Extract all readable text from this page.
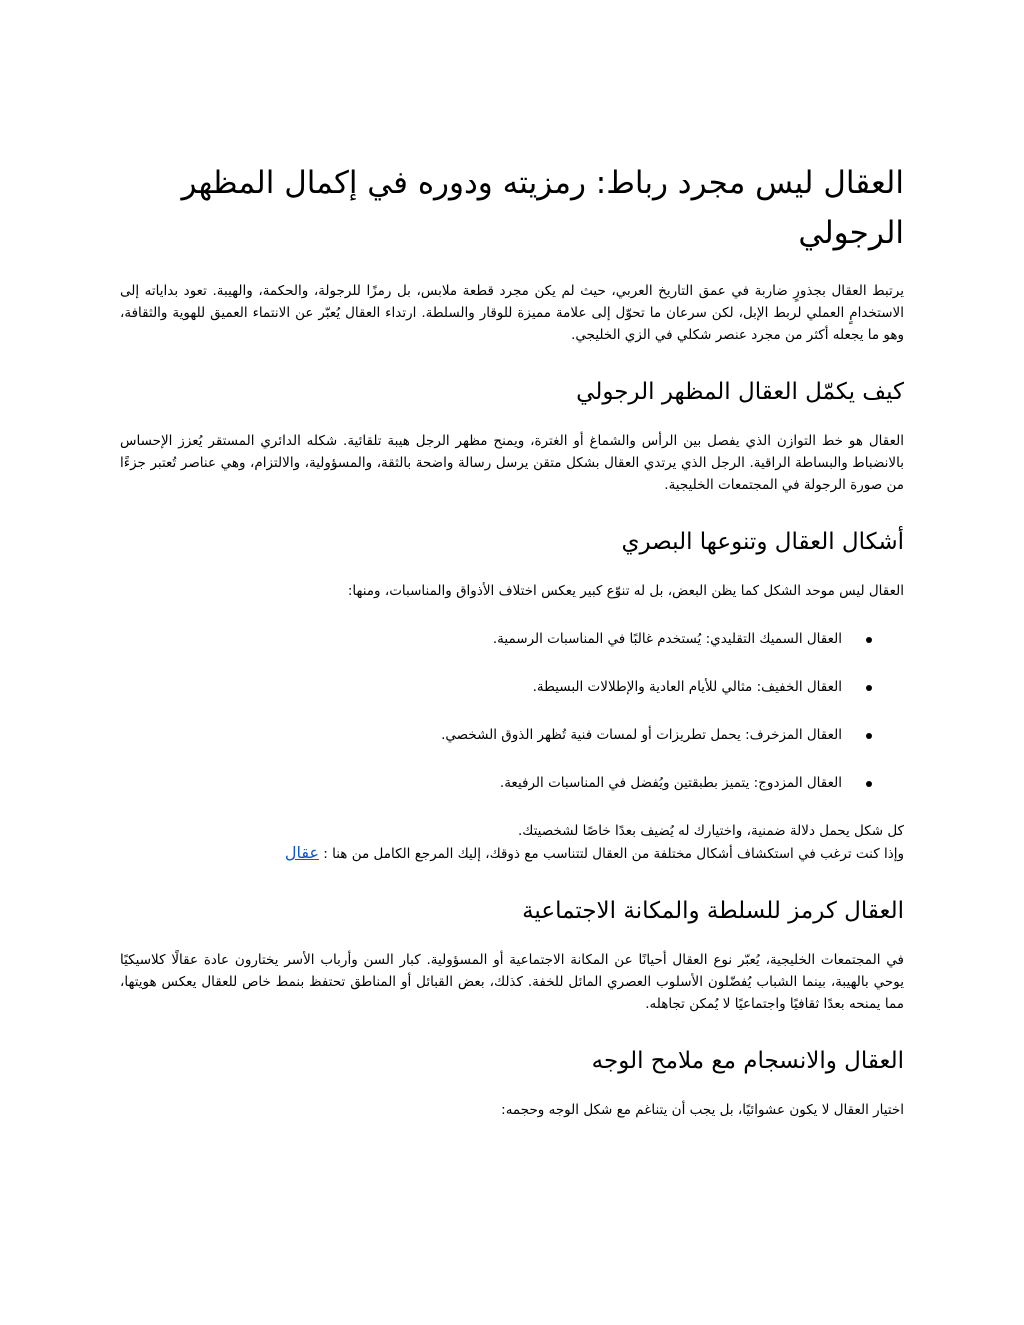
العقال ليس مجرد رباط: رمزيته ودوره في إكمال المظهر الرجولي

يرتبط العقال بجذورٍ ضاربة في عمق التاريخ العربي، حيث لم يكن مجرد قطعة ملابس، بل رمزًا للرجولة، والحكمة، والهيبة. تعود بداياته إلى الاستخدامٍ العملي لربط الإبل، لكن سرعان ما تحوّل إلى علامة مميزة للوقار والسلطة. ارتداء العقال يُعبّر عن الانتماء العميق للهوية والثقافة، وهو ما يجعله أكثر من مجرد عنصر شكلي في الزي الخليجي.

كيف يكمّل العقال المظهر الرجولي

العقال هو خط التوازن الذي يفصل بين الرأس والشماغ أو الغترة، ويمنح مظهر الرجل هيبة تلقائية. شكله الدائري المستقر يُعزز الإحساس بالانضباط والبساطة الراقية. الرجل الذي يرتدي العقال بشكل متقن يرسل رسالة واضحة بالثقة، والمسؤولية، والالتزام، وهي عناصر تُعتبر جزءًا من صورة الرجولة في المجتمعات الخليجية.

أشكال العقال وتنوعها البصري

العقال ليس موحد الشكل كما يظن البعض، بل له تنوّع كبير يعكس اختلاف الأذواق والمناسبات، ومنها:

العقال السميك التقليدي: يُستخدم غالبًا في المناسبات الرسمية.
العقال الخفيف: مثالي للأيام العادية والإطلالات البسيطة.
العقال المزخرف: يحمل تطريزات أو لمسات فنية تُظهر الذوق الشخصي.
العقال المزدوج: يتميز بطبقتين ويُفضل في المناسبات الرفيعة.
كل شكل يحمل دلالة ضمنية، واختيارك له يُضيف بعدًا خاصًا لشخصيتك.
وإذا كنت ترغب في استكشاف أشكال مختلفة من العقال لتتناسب مع ذوقك، إليك المرجع الكامل من هنا : عقال
العقال كرمز للسلطة والمكانة الاجتماعية

في المجتمعات الخليجية، يُعبّر نوع العقال أحيانًا عن المكانة الاجتماعية أو المسؤولية. كبار السن وأرباب الأسر يختارون عادة عقالًا كلاسيكيًا يوحي بالهيبة، بينما الشباب يُفضّلون الأسلوب العصري المائل للخفة. كذلك، بعض القبائل أو المناطق تحتفظ بنمط خاص للعقال يعكس هويتها، مما يمنحه بعدًا ثقافيًا واجتماعيًا لا يُمكن تجاهله.

العقال والانسجام مع ملامح الوجه

اختيار العقال لا يكون عشوائيًا، بل يجب أن يتناغم مع شكل الوجه وحجمه:
